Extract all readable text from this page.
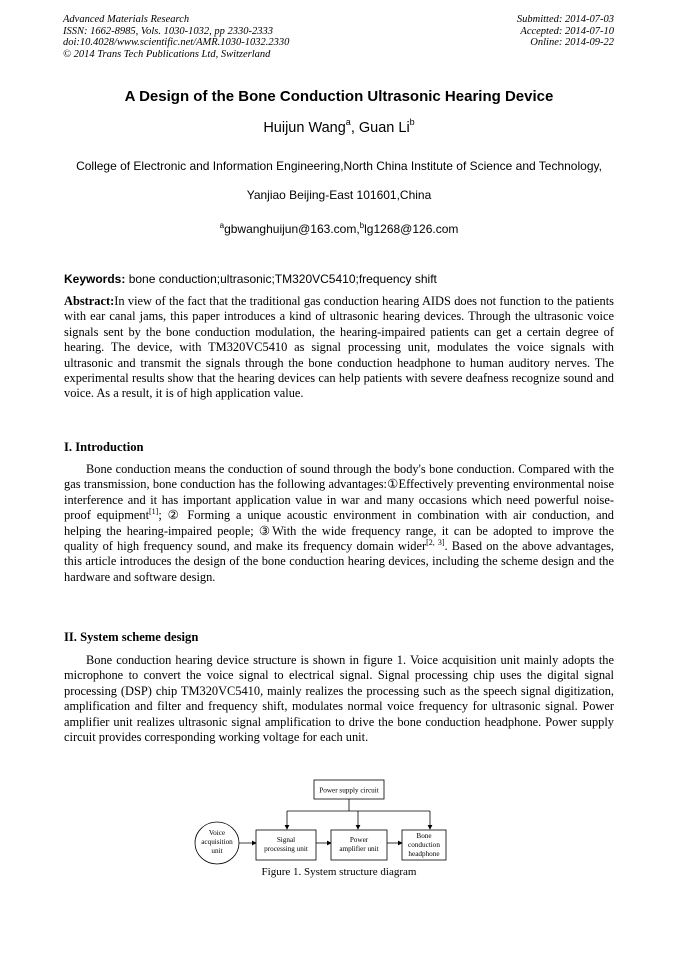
Advanced Materials Research
ISSN: 1662-8985, Vols. 1030-1032, pp 2330-2333
doi:10.4028/www.scientific.net/AMR.1030-1032.2330
© 2014 Trans Tech Publications Ltd, Switzerland
Submitted: 2014-07-03
Accepted: 2014-07-10
Online: 2014-09-22
A Design of the Bone Conduction Ultrasonic Hearing Device
Huijun Wang$^a$, Guan Li$^b$
College of Electronic and Information Engineering,North China Institute of Science and Technology,
Yanjiao Beijing-East 101601,China
$^a$gbwanghuijun@163.com,$^b$lg1268@126.com
Keywords: bone conduction;ultrasonic;TM320VC5410;frequency shift
Abstract:In view of the fact that the traditional gas conduction hearing AIDS does not function to the patients with ear canal jams, this paper introduces a kind of ultrasonic hearing devices. Through the ultrasonic voice signals sent by the bone conduction modulation, the hearing-impaired patients can get a certain degree of hearing. The device, with TM320VC5410 as signal processing unit, modulates the voice signals with ultrasonic and transmit the signals through the bone conduction headphone to human auditory nerves. The experimental results show that the hearing devices can help patients with severe deafness recognize sound and voice. As a result, it is of high application value.
I. Introduction
Bone conduction means the conduction of sound through the body's bone conduction. Compared with the gas transmission, bone conduction has the following advantages:①Effectively preventing environmental noise interference and it has important application value in war and many occasions which need powerful noise-proof equipment[1]; ② Forming a unique acoustic environment in combination with air conduction, and helping the hearing-impaired people; ③With the wide frequency range, it can be adopted to improve the quality of high frequency sound, and make its frequency domain wider[2, 3]. Based on the above advantages, this article introduces the design of the bone conduction hearing devices, including the scheme design and the hardware and software design.
II. System scheme design
Bone conduction hearing device structure is shown in figure 1. Voice acquisition unit mainly adopts the microphone to convert the voice signal to electrical signal. Signal processing chip uses the digital signal processing (DSP) chip TM320VC5410, mainly realizes the processing such as the speech signal digitization, amplification and filter and frequency shift, modulates normal voice frequency for ultrasonic signal. Power amplifier unit realizes ultrasonic signal amplification to drive the bone conduction headphone. Power supply circuit provides corresponding working voltage for each unit.
Power supply circuit
Voice
acquisition
unit
Signal
processing unit
Power
amplifier unit
Bone
conduction
headphone
Figure 1. System structure diagram
